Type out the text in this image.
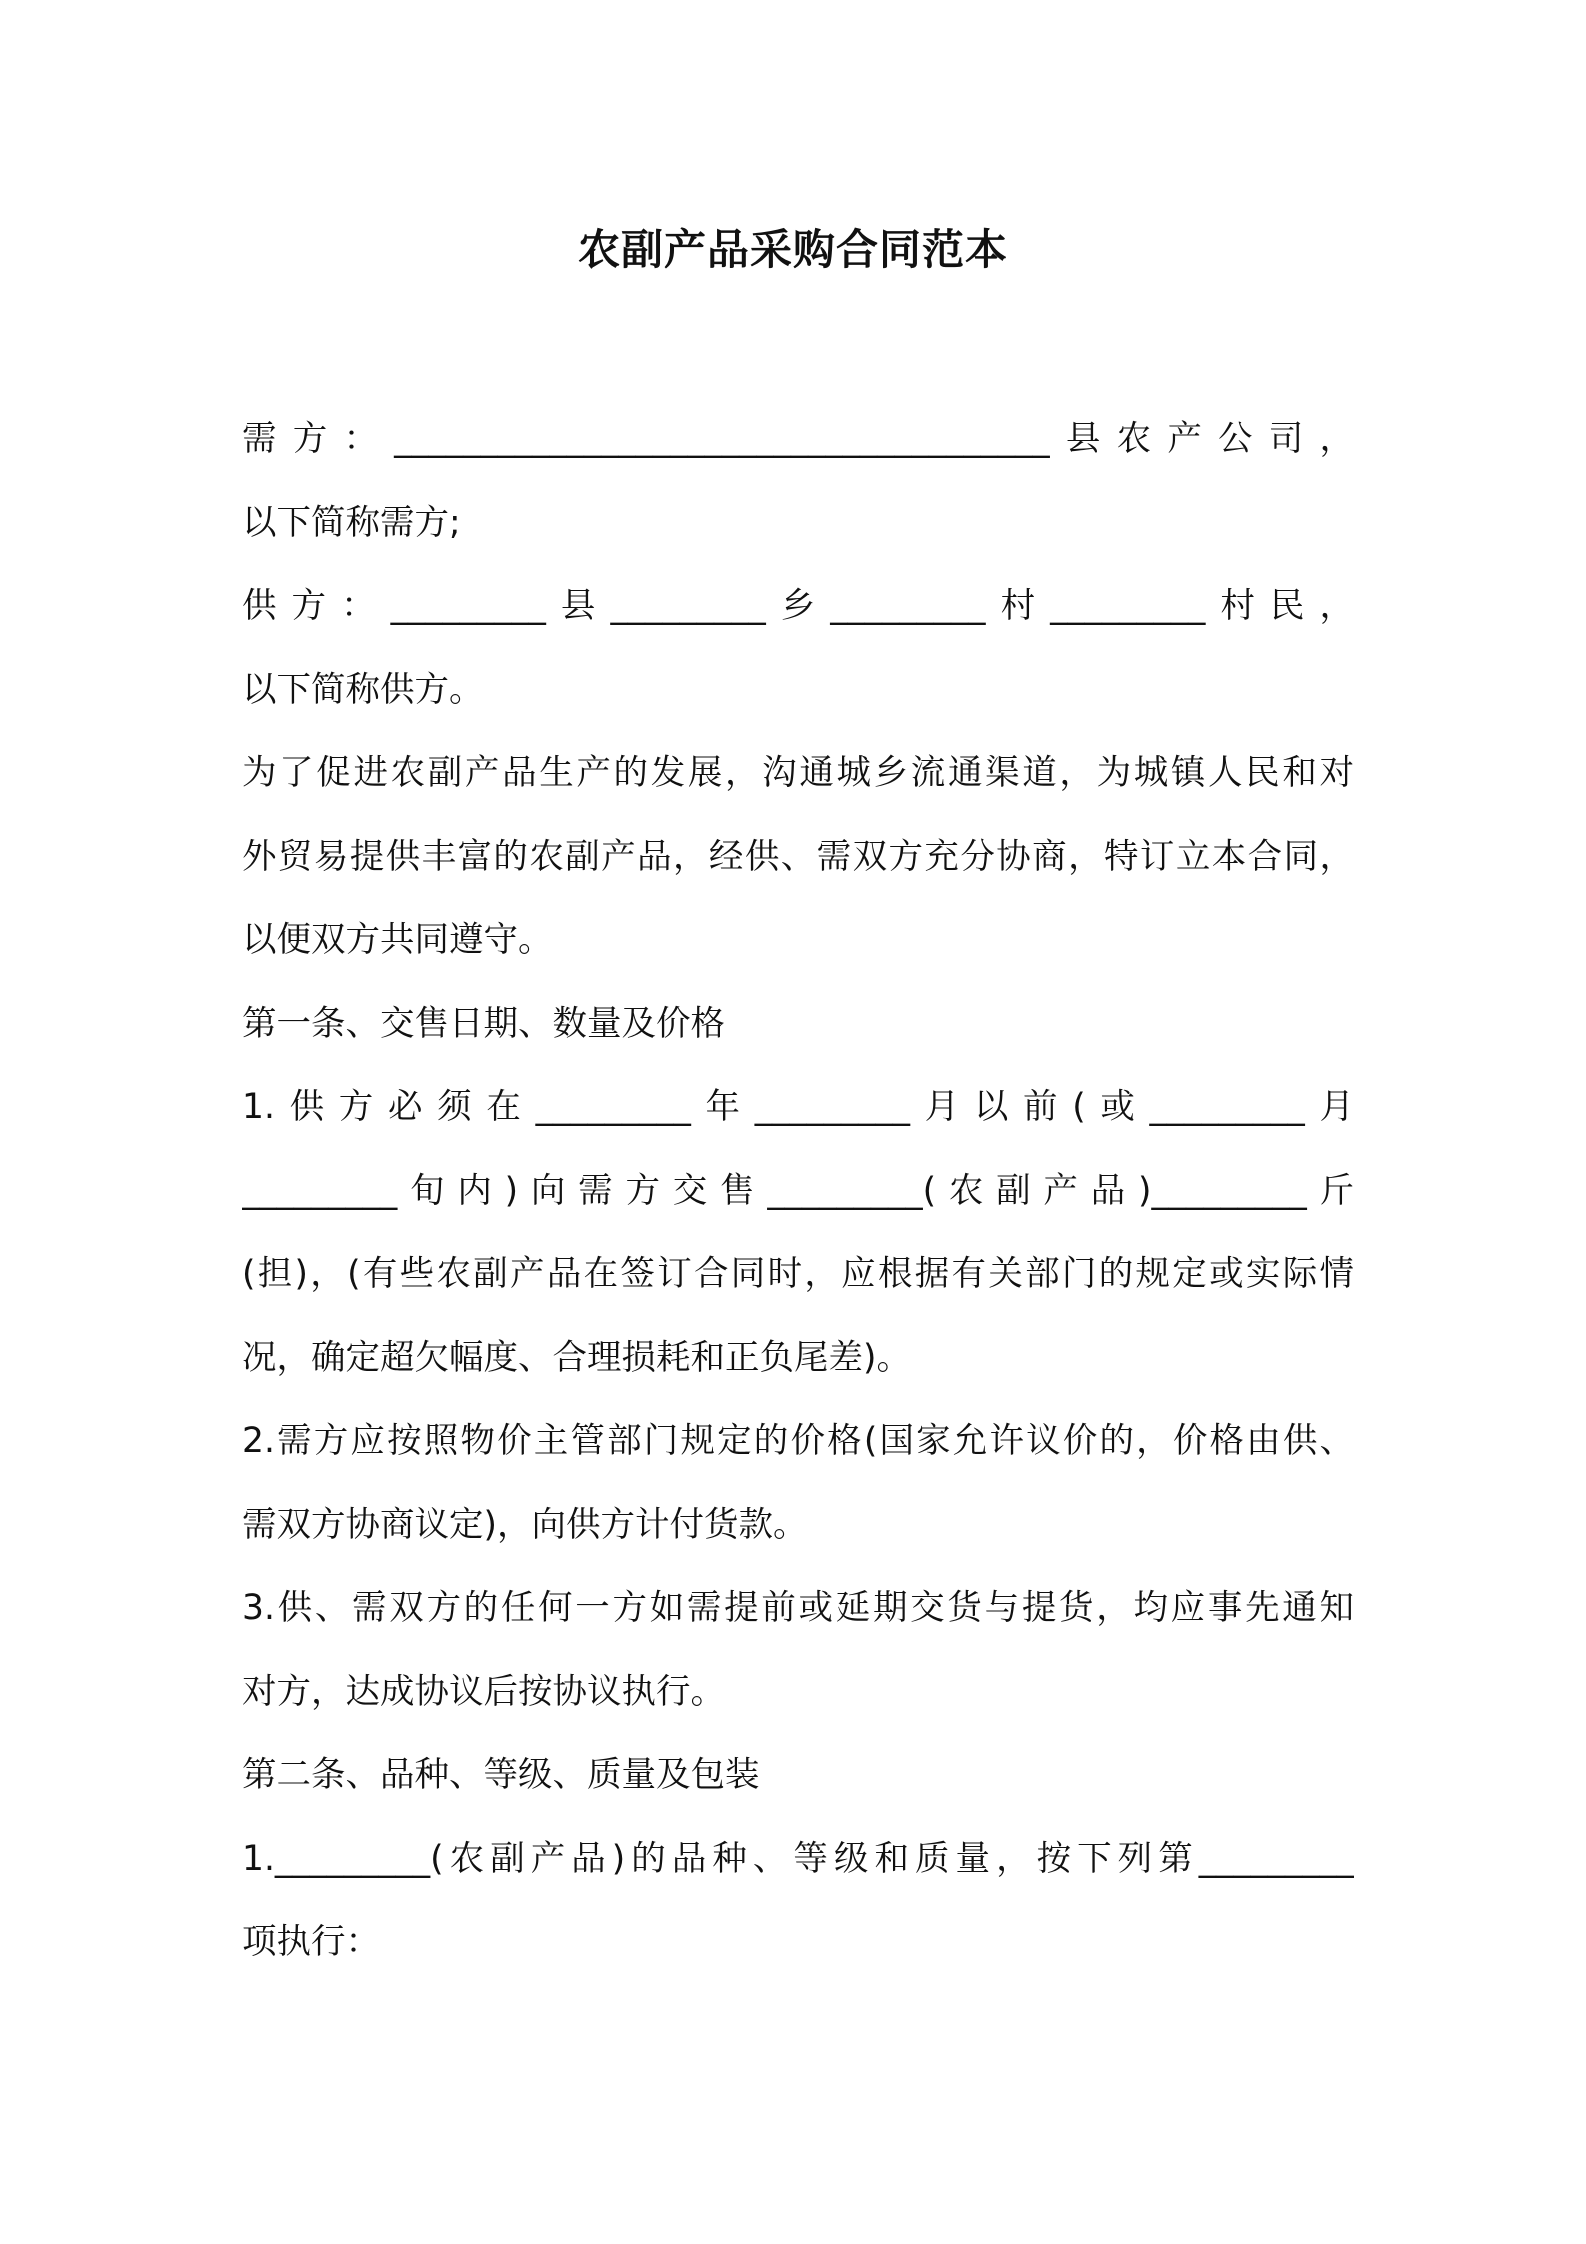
农副产品采购合同范本
需方：______________________________________县农产公司，
以下简称需方;
供方：_________县_________乡_________村_________村民，
以下简称供方。
为了促进农副产品生产的发展，沟通城乡流通渠道，为城镇人民和对
外贸易提供丰富的农副产品，经供、需双方充分协商，特订立本合同，
以便双方共同遵守。
第一条、交售日期、数量及价格
1.供方必须在_________年_________月以前(或_________月
_________旬内)向需方交售_________(农副产品)_________斤
(担)，(有些农副产品在签订合同时，应根据有关部门的规定或实际情
况，确定超欠幅度、合理损耗和正负尾差)。
2.需方应按照物价主管部门规定的价格(国家允许议价的，价格由供、
需双方协商议定)，向供方计付货款。
3.供、需双方的任何一方如需提前或延期交货与提货，均应事先通知
对方，达成协议后按协议执行。
第二条、品种、等级、质量及包装
1._________(农副产品)的品种、等级和质量，按下列第_________
项执行：
